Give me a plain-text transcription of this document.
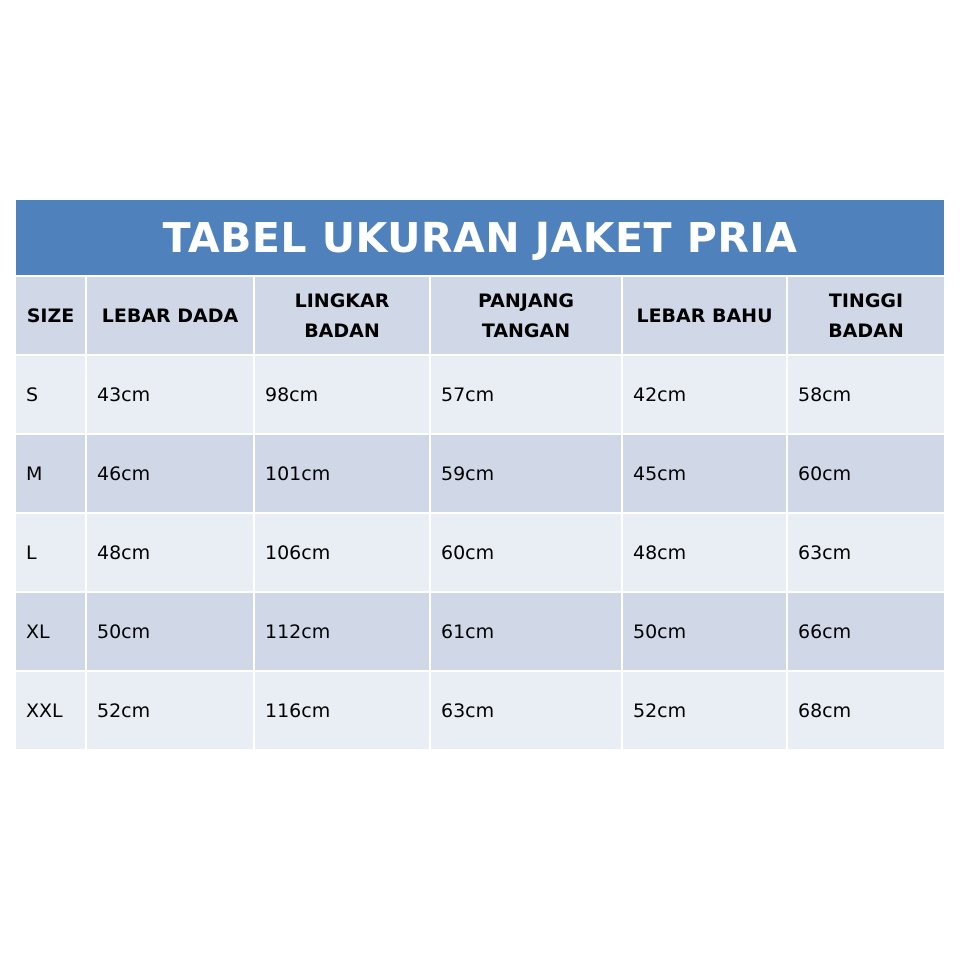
TABEL UKURAN JAKET PRIA
SIZE	LEBAR DADA	LINGKAR BADAN	PANJANG TANGAN	LEBAR BAHU	TINGGI BADAN
S	43cm	98cm	57cm	42cm	58cm
M	46cm	101cm	59cm	45cm	60cm
L	48cm	106cm	60cm	48cm	63cm
XL	50cm	112cm	61cm	50cm	66cm
XXL	52cm	116cm	63cm	52cm	68cm
